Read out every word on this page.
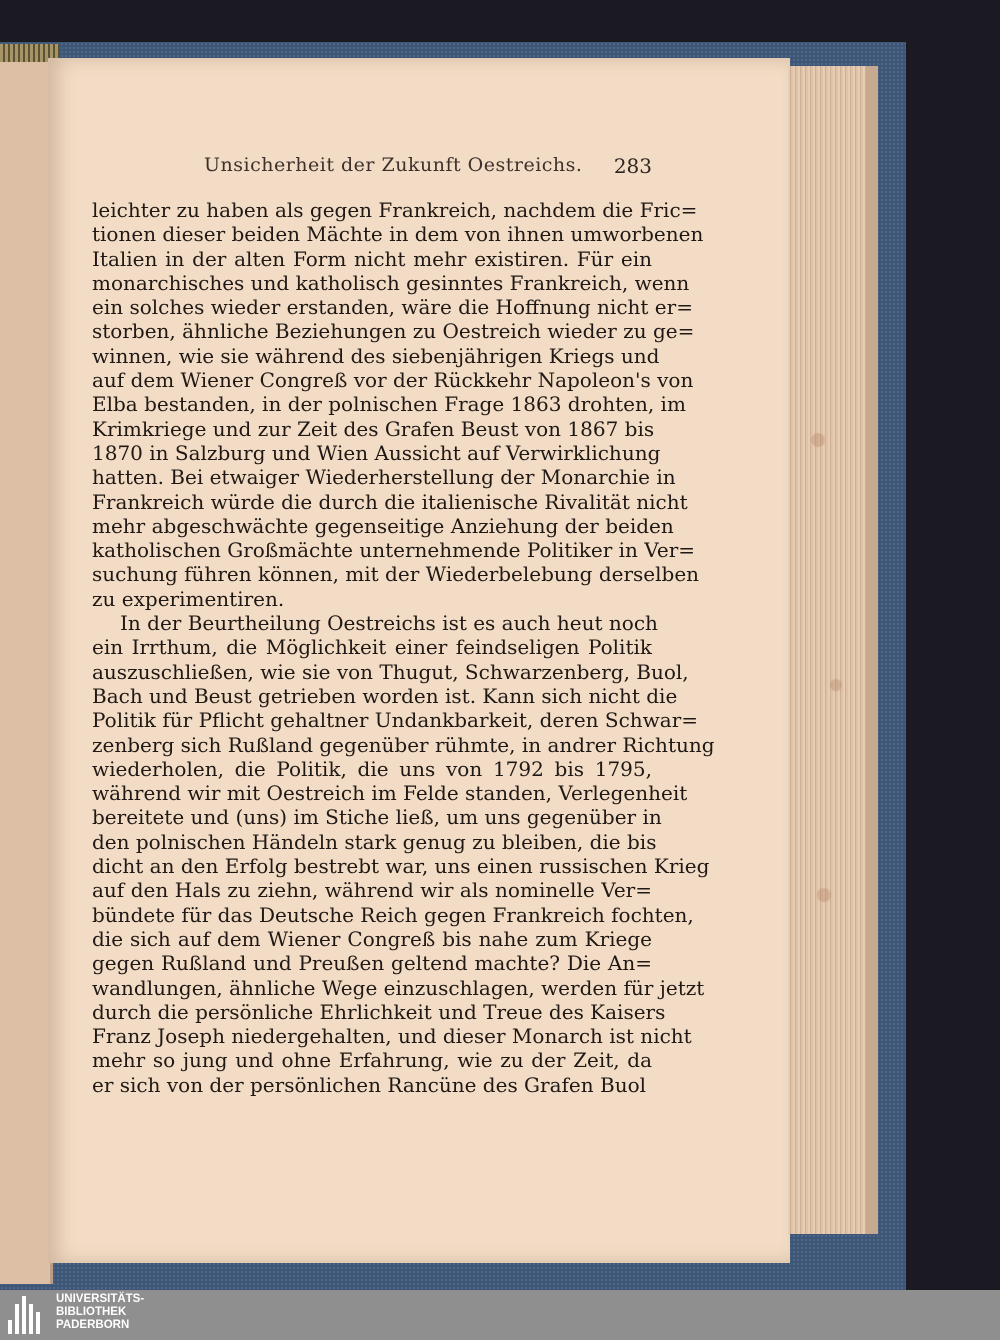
Unsicherheit der Zukunft Oestreichs. 283
leichter zu haben als gegen Frankreich, nachdem die Fric=
tionen dieser beiden Mächte in dem von ihnen umworbenen
Italien in der alten Form nicht mehr existiren. Für ein
monarchisches und katholisch gesinntes Frankreich, wenn
ein solches wieder erstanden, wäre die Hoffnung nicht er=
storben, ähnliche Beziehungen zu Oestreich wieder zu ge=
winnen, wie sie während des siebenjährigen Kriegs und
auf dem Wiener Congreß vor der Rückkehr Napoleon's von
Elba bestanden, in der polnischen Frage 1863 drohten, im
Krimkriege und zur Zeit des Grafen Beust von 1867 bis
1870 in Salzburg und Wien Aussicht auf Verwirklichung
hatten. Bei etwaiger Wiederherstellung der Monarchie in
Frankreich würde die durch die italienische Rivalität nicht
mehr abgeschwächte gegenseitige Anziehung der beiden
katholischen Großmächte unternehmende Politiker in Ver=
suchung führen können, mit der Wiederbelebung derselben
zu experimentiren.
In der Beurtheilung Oestreichs ist es auch heut noch
ein Irrthum, die Möglichkeit einer feindseligen Politik
auszuschließen, wie sie von Thugut, Schwarzenberg, Buol,
Bach und Beust getrieben worden ist. Kann sich nicht die
Politik für Pflicht gehaltner Undankbarkeit, deren Schwar=
zenberg sich Rußland gegenüber rühmte, in andrer Richtung
wiederholen, die Politik, die uns von 1792 bis 1795,
während wir mit Oestreich im Felde standen, Verlegenheit
bereitete und (uns) im Stiche ließ, um uns gegenüber in
den polnischen Händeln stark genug zu bleiben, die bis
dicht an den Erfolg bestrebt war, uns einen russischen Krieg
auf den Hals zu ziehn, während wir als nominelle Ver=
bündete für das Deutsche Reich gegen Frankreich fochten,
die sich auf dem Wiener Congreß bis nahe zum Kriege
gegen Rußland und Preußen geltend machte? Die An=
wandlungen, ähnliche Wege einzuschlagen, werden für jetzt
durch die persönliche Ehrlichkeit und Treue des Kaisers
Franz Joseph niedergehalten, und dieser Monarch ist nicht
mehr so jung und ohne Erfahrung, wie zu der Zeit, da
er sich von der persönlichen Rancüne des Grafen Buol
UNIVERSITÄTS-
BIBLIOTHEK
PADERBORN
